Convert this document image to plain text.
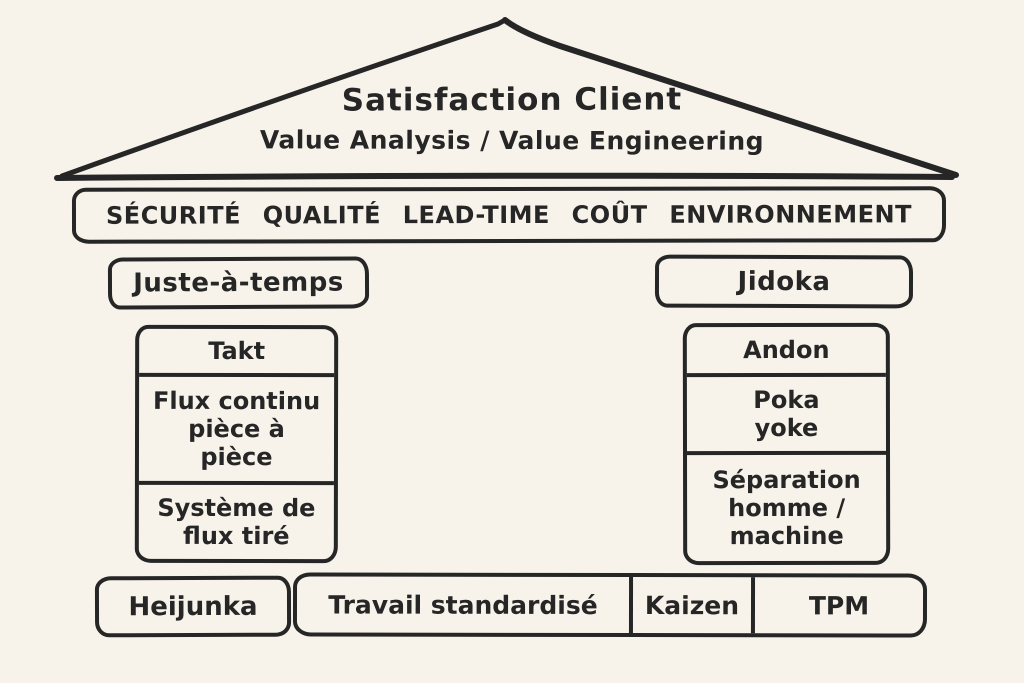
Satisfaction Client
Value Analysis / Value Engineering
SÉCURITÉ QUALITÉ LEAD-TIME COÛT ENVIRONNEMENT
Juste-à-temps	Jidoka
Takt
Flux continu
pièce à
pièce
Système de
flux tiré
Andon
Poka
yoke
Séparation
homme /
machine
Heijunka	Travail standardisé	Kaizen	TPM
